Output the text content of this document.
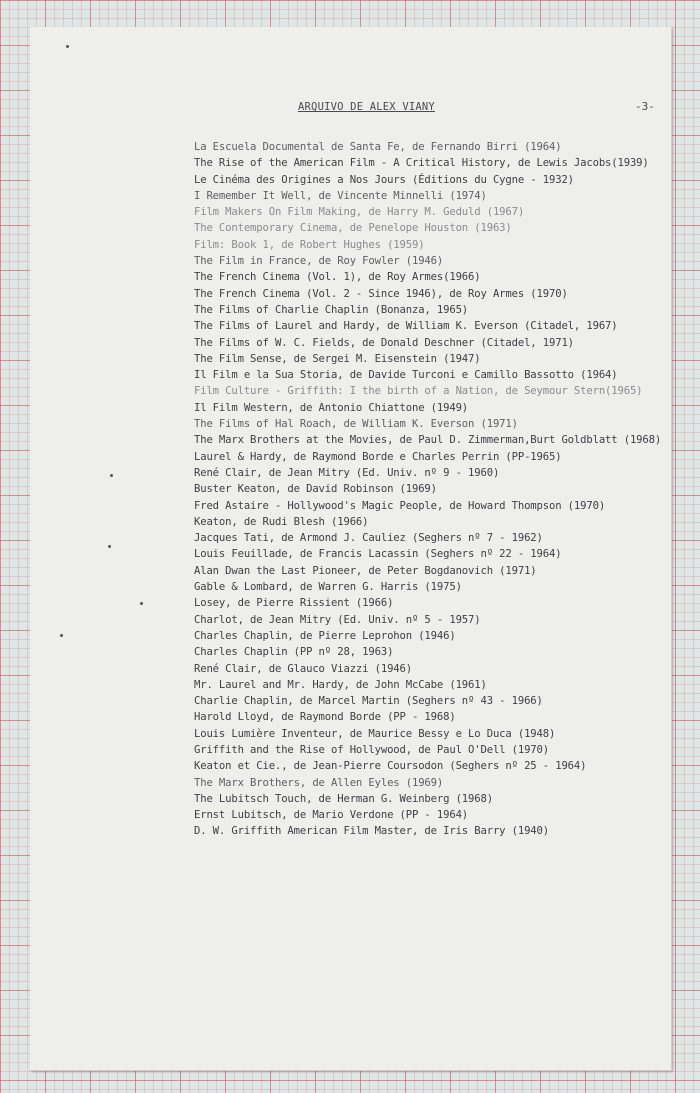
ARQUIVO DE ALEX VIANY	-3-
La Escuela Documental de Santa Fe, de Fernando Birri (1964)
The Rise of the American Film - A Critical History, de Lewis Jacobs(1939)
Le Cinéma des Origines a Nos Jours (Éditions du Cygne - 1932)
I Remember It Well, de Vincente Minnelli (1974)
Film Makers On Film Making, de Harry M. Geduld (1967)
The Contemporary Cinema, de Penelope Houston (1963)
Film: Book 1, de Robert Hughes (1959)
The Film in France, de Roy Fowler (1946)
The French Cinema (Vol. 1), de Roy Armes(1966)
The French Cinema (Vol. 2 - Since 1946), de Roy Armes (1970)
The Films of Charlie Chaplin (Bonanza, 1965)
The Films of Laurel and Hardy, de William K. Everson (Citadel, 1967)
The Films of W. C. Fields, de Donald Deschner (Citadel, 1971)
The Film Sense, de Sergei M. Eisenstein (1947)
Il Film e la Sua Storia, de Davide Turconi e Camillo Bassotto (1964)
Film Culture - Griffith: I the birth of a Nation, de Seymour Stern(1965)
Il Film Western, de Antonio Chiattone (1949)
The Films of Hal Roach, de William K. Everson (1971)
The Marx Brothers at the Movies, de Paul D. Zimmerman,Burt Goldblatt (1968)
Laurel & Hardy, de Raymond Borde e Charles Perrin (PP-1965)
René Clair, de Jean Mitry (Ed. Univ. nº 9 - 1960)
Buster Keaton, de David Robinson (1969)
Fred Astaire - Hollywood's Magic People, de Howard Thompson (1970)
Keaton, de Rudi Blesh (1966)
Jacques Tati, de Armond J. Cauliez (Seghers nº 7 - 1962)
Louis Feuillade, de Francis Lacassin (Seghers nº 22 - 1964)
Alan Dwan the Last Pioneer, de Peter Bogdanovich (1971)
Gable & Lombard, de Warren G. Harris (1975)
Losey, de Pierre Rissient (1966)
Charlot, de Jean Mitry (Ed. Univ. nº 5 - 1957)
Charles Chaplin, de Pierre Leprohon (1946)
Charles Chaplin (PP nº 28, 1963)
René Clair, de Glauco Viazzi (1946)
Mr. Laurel and Mr. Hardy, de John McCabe (1961)
Charlie Chaplin, de Marcel Martin (Seghers nº 43 - 1966)
Harold Lloyd, de Raymond Borde (PP - 1968)
Louis Lumière Inventeur, de Maurice Bessy e Lo Duca (1948)
Griffith and the Rise of Hollywood, de Paul O'Dell (1970)
Keaton et Cie., de Jean-Pierre Coursodon (Seghers nº 25 - 1964)
The Marx Brothers, de Allen Eyles (1969)
The Lubitsch Touch, de Herman G. Weinberg (1968)
Ernst Lubitsch, de Mario Verdone (PP - 1964)
D. W. Griffith American Film Master, de Iris Barry (1940)
